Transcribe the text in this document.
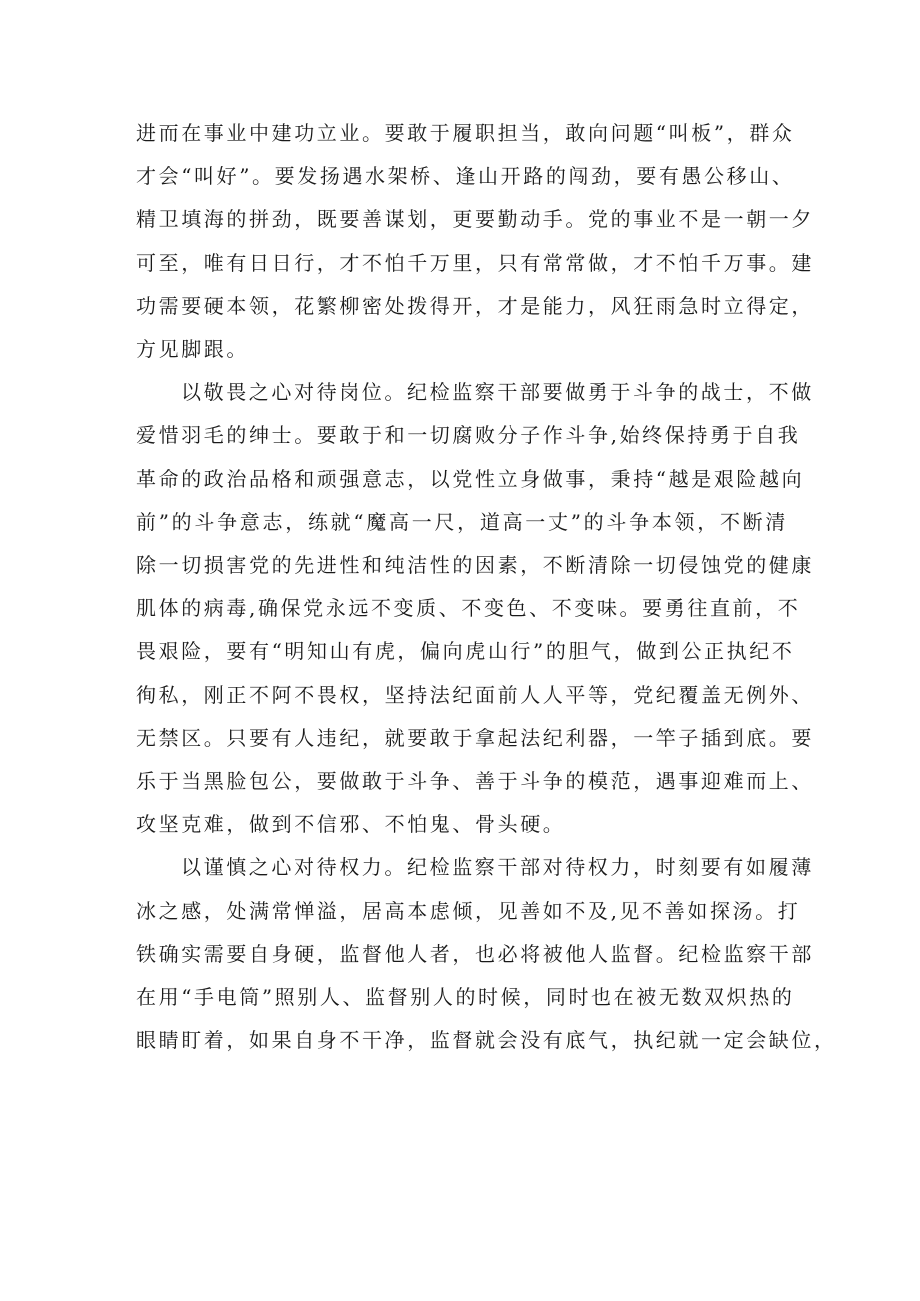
进而在事业中建功立业。要敢于履职担当，敢向问题“叫板”，群众
才会“叫好”。要发扬遇水架桥、逢山开路的闯劲，要有愚公移山、
精卫填海的拼劲，既要善谋划，更要勤动手。党的事业不是一朝一夕
可至，唯有日日行，才不怕千万里，只有常常做，才不怕千万事。建
功需要硬本领，花繁柳密处拨得开，才是能力，风狂雨急时立得定，
方见脚跟。

以敬畏之心对待岗位。纪检监察干部要做勇于斗争的战士，不做
爱惜羽毛的绅士。要敢于和一切腐败分子作斗争,始终保持勇于自我
革命的政治品格和顽强意志，以党性立身做事，秉持“越是艰险越向
前”的斗争意志，练就“魔高一尺，道高一丈”的斗争本领，不断清
除一切损害党的先进性和纯洁性的因素，不断清除一切侵蚀党的健康
肌体的病毒,确保党永远不变质、不变色、不变味。要勇往直前，不
畏艰险，要有“明知山有虎，偏向虎山行”的胆气，做到公正执纪不
徇私，刚正不阿不畏权，坚持法纪面前人人平等，党纪覆盖无例外、
无禁区。只要有人违纪，就要敢于拿起法纪利器，一竿子插到底。要
乐于当黑脸包公，要做敢于斗争、善于斗争的模范，遇事迎难而上、
攻坚克难，做到不信邪、不怕鬼、骨头硬。

以谨慎之心对待权力。纪检监察干部对待权力，时刻要有如履薄
冰之感，处满常惮溢，居高本虑倾，见善如不及,见不善如探汤。打
铁确实需要自身硬，监督他人者，也必将被他人监督。纪检监察干部
在用“手电筒”照别人、监督别人的时候，同时也在被无数双炽热的
眼睛盯着，如果自身不干净，监督就会没有底气，执纪就一定会缺位，
